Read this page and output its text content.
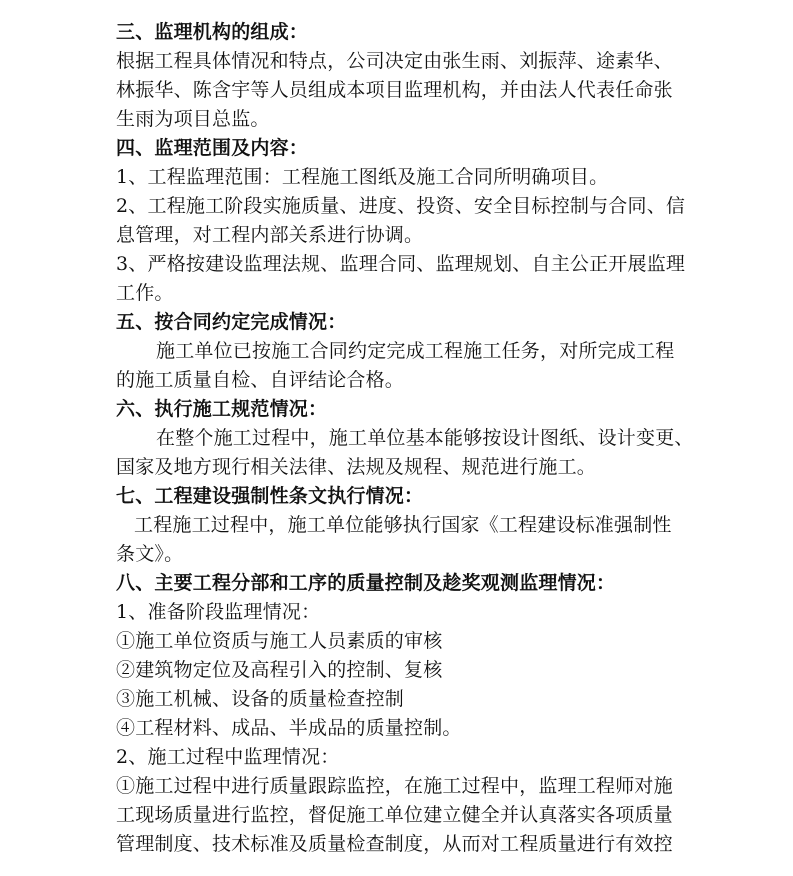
三、监理机构的组成：
根据工程具体情况和特点，公司决定由张生雨、刘振萍、途素华、
林振华、陈含宇等人员组成本项目监理机构，并由法人代表任命张
生雨为项目总监。
四、监理范围及内容：
1、工程监理范围：工程施工图纸及施工合同所明确项目。
2、工程施工阶段实施质量、进度、投资、安全目标控制与合同、信
息管理，对工程内部关系进行协调。
3、严格按建设监理法规、监理合同、监理规划、自主公正开展监理
工作。
五、按合同约定完成情况：
施工单位已按施工合同约定完成工程施工任务，对所完成工程
的施工质量自检、自评结论合格。
六、执行施工规范情况：
在整个施工过程中，施工单位基本能够按设计图纸、设计变更、
国家及地方现行相关法律、法规及规程、规范进行施工。
七、工程建设强制性条文执行情况：
工程施工过程中，施工单位能够执行国家《工程建设标准强制性
条文》。
八、主要工程分部和工序的质量控制及趁奖观测监理情况：
1、准备阶段监理情况：
①施工单位资质与施工人员素质的审核
②建筑物定位及高程引入的控制、复核
③施工机械、设备的质量检查控制
④工程材料、成品、半成品的质量控制。
2、施工过程中监理情况：
①施工过程中进行质量跟踪监控，在施工过程中，监理工程师对施
工现场质量进行监控，督促施工单位建立健全并认真落实各项质量
管理制度、技术标准及质量检查制度，从而对工程质量进行有效控
